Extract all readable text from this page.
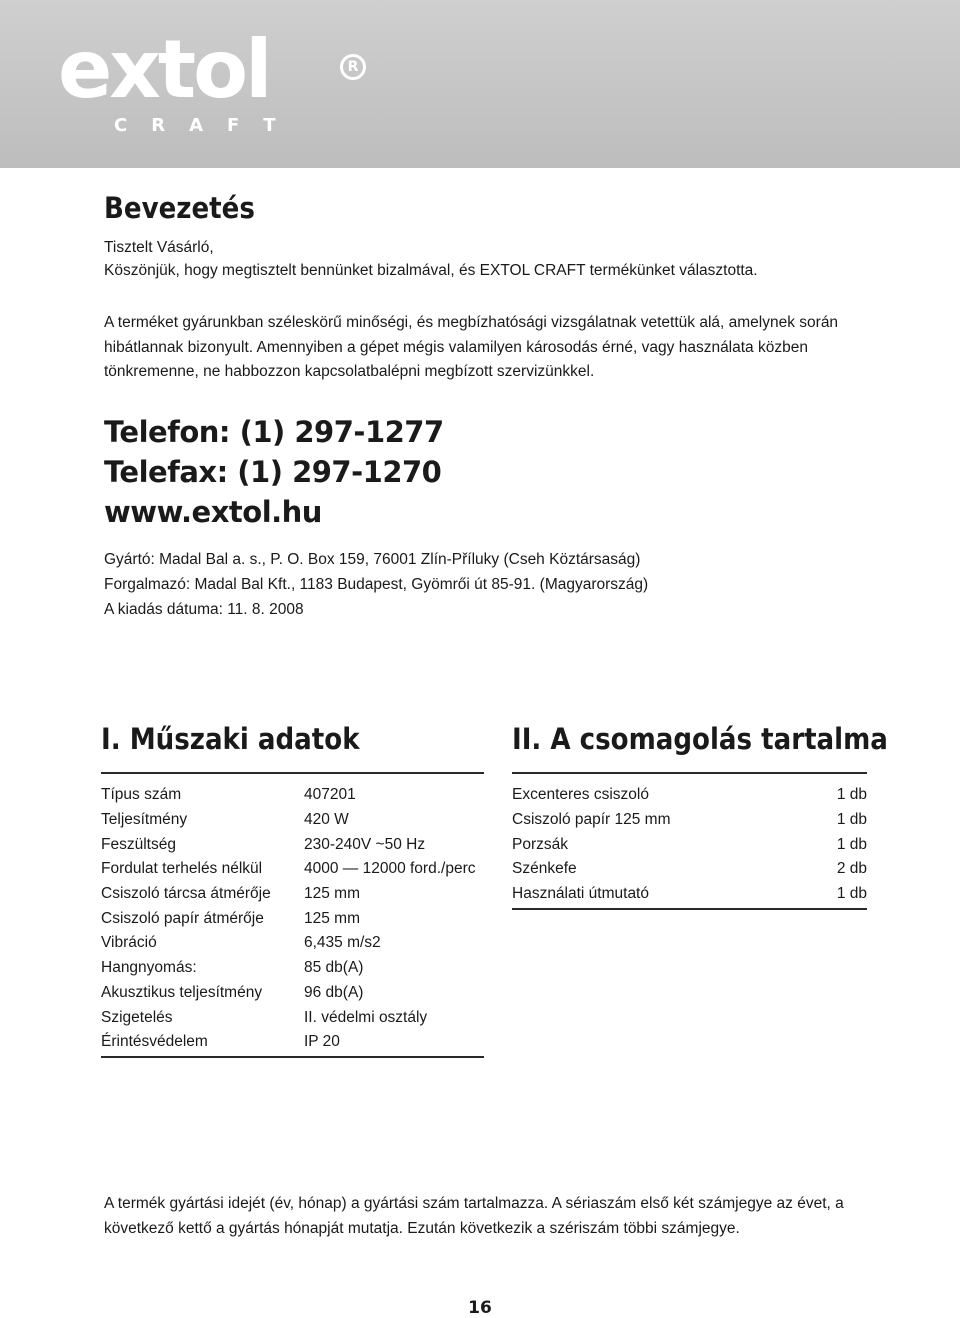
extol	R
CRAFT
Bevezetés

Tisztelt Vásárló,

Köszönjük, hogy megtisztelt bennünket bizalmával, és EXTOL CRAFT termékünket választotta.

A terméket gyárunkban széleskörű minőségi, és megbízhatósági vizsgálatnak vetettük alá, amelynek során hibátlannak bizonyult. Amennyiben a gépet mégis valamilyen károsodás érné, vagy használata közben tönkremenne, ne habbozzon kapcsolatbalépni megbízott szervizünkkel.

Telefon: (1) 297-1277
Telefax: (1) 297-1270
www.extol.hu

Gyártó: Madal Bal a. s., P. O. Box 159, 76001 Zlín-Příluky (Cseh Köztársaság)

Forgalmazó: Madal Bal Kft., 1183 Budapest, Gyömrői út 85-91. (Magyarország)

A kiadás dátuma: 11. 8. 2008

I. Műszaki adatok
Típus szám	407201
Teljesítmény	420 W
Feszültség	230-240V ~50 Hz
Fordulat terhelés nélkül	4000 — 12000 ford./perc
Csiszoló tárcsa átmérője	125 mm
Csiszoló papír átmérője	125 mm
Vibráció	6,435 m/s2
Hangnyomás:	85 db(A)
Akusztikus teljesítmény	96 db(A)
Szigetelés	II. védelmi osztály
Érintésvédelem	IP 20
II. A csomagolás tartalma
Excenteres csiszoló	1 db
Csiszoló papír 125 mm	1 db
Porzsák	1 db
Szénkefe	2 db
Használati útmutató	1 db
A termék gyártási idejét (év, hónap) a gyártási szám tartalmazza. A sériaszám első két számjegye az évet, a következő kettő a gyártás hónapját mutatja. Ezután következik a szériszám többi számjegye.
16
